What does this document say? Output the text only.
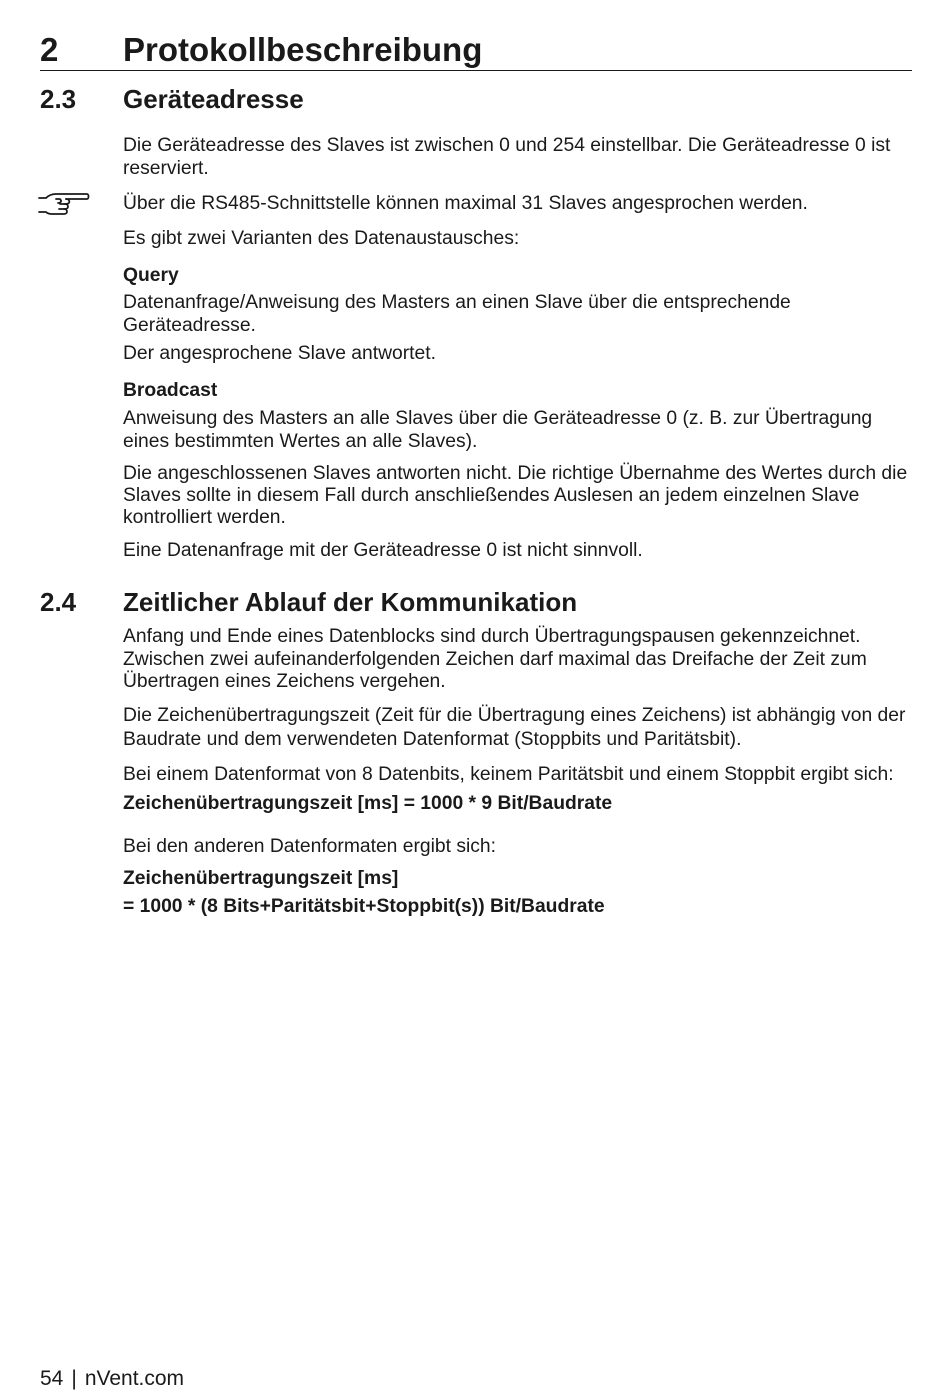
2 Protokollbeschreibung
2.3 Geräteadresse

Die Geräteadresse des Slaves ist zwischen 0 und 254 einstellbar. Die Geräteadresse 0 ist reserviert.

Über die RS485-Schnittstelle können maximal 31 Slaves angesprochen werden.

Es gibt zwei Varianten des Datenaustausches:

Query

Datenanfrage/Anweisung des Masters an einen Slave über die entsprechende Geräteadresse.

Der angesprochene Slave antwortet.

Broadcast

Anweisung des Masters an alle Slaves über die Geräteadresse 0 (z. B. zur Übertragung eines bestimmten Wertes an alle Slaves).

Die angeschlossenen Slaves antworten nicht. Die richtige Übernahme des Wertes durch die Slaves sollte in diesem Fall durch anschließendes Auslesen an jedem einzelnen Slave kontrolliert werden.

Eine Datenanfrage mit der Geräteadresse 0 ist nicht sinnvoll.

2.4 Zeitlicher Ablauf der Kommunikation

Anfang und Ende eines Datenblocks sind durch Übertragungspausen gekennzeichnet. Zwischen zwei aufeinanderfolgenden Zeichen darf maximal das Dreifache der Zeit zum Übertragen eines Zeichens vergehen.

Die Zeichenübertragungszeit (Zeit für die Übertragung eines Zeichens) ist abhängig von der Baudrate und dem verwendeten Datenformat (Stoppbits und Paritätsbit).

Bei einem Datenformat von 8 Datenbits, keinem Paritätsbit und einem Stoppbit ergibt sich:

Zeichenübertragungszeit [ms] = 1000 * 9 Bit/Baudrate

Bei den anderen Datenformaten ergibt sich:

Zeichenübertragungszeit [ms]

= 1000 * (8 Bits+Paritätsbit+Stoppbit(s)) Bit/Baudrate

54 | nVent.com
